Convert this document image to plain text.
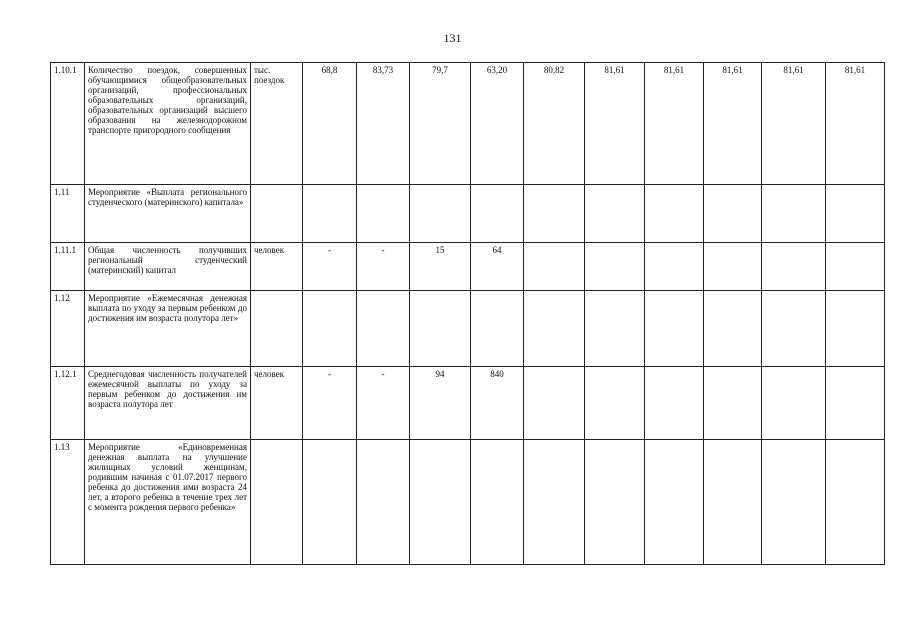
131
1.10.1	Количество поездок, совершенных обучающимися общеобразовательных организаций, профессиональных образовательных организаций, образовательных организаций высшего образования на железнодорожном транспорте пригородного сообщения	тыс. поездок	68,8	83,73	79,7	63,20	80,82	81,61	81,61	81,61	81,61	81,61
1.11	Мероприятие «Выплата регионального студенческого (материнского) капитала»											
1.11.1	Общая численность получивших региональный студенческий (материнский) капитал	человек	-	-	15	64						
1.12	Мероприятие «Ежемесячная денежная выплата по уходу за первым ребенком до достижения им возраста полутора лет»											
1.12.1	Среднегодовая численность получателей ежемесячной выплаты по уходу за первым ребенком до достижения им возраста полутора лет	человек	-	-	94	840						
1.13	Мероприятие «Единовременная денежная выплата на улучшение жилищных условий женщинам, родившим начиная с 01.07.2017 первого ребенка до достижения ими возраста 24 лет, а второго ребенка в течение трех лет с момента рождения первого ребенка»											
